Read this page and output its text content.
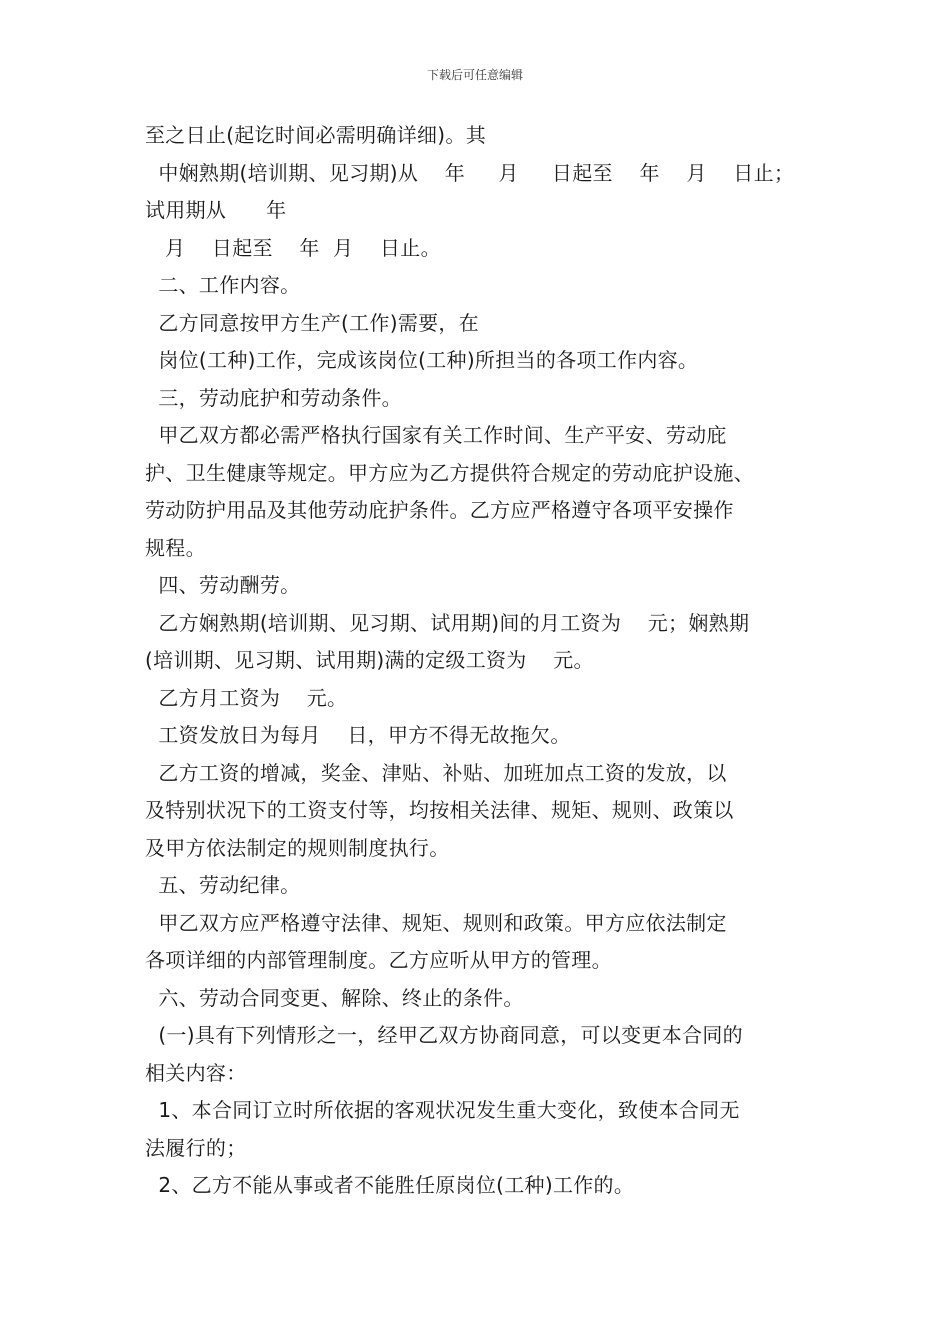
下载后可任意编辑
至之日止(起讫时间必需明确详细)。其
中娴熟期(培训期、见习期)从    年     月     日起至    年    月    日止；
试用期从      年
月    日起至    年  月    日止。
二、工作内容。
乙方同意按甲方生产(工作)需要，在
岗位(工种)工作，完成该岗位(工种)所担当的各项工作内容。
三，劳动庇护和劳动条件。
甲乙双方都必需严格执行国家有关工作时间、生产平安、劳动庇
护、卫生健康等规定。甲方应为乙方提供符合规定的劳动庇护设施、
劳动防护用品及其他劳动庇护条件。乙方应严格遵守各项平安操作
规程。
四、劳动酬劳。
乙方娴熟期(培训期、见习期、试用期)间的月工资为    元；娴熟期
(培训期、见习期、试用期)满的定级工资为    元。
乙方月工资为    元。
工资发放日为每月    日，甲方不得无故拖欠。
乙方工资的增减，奖金、津贴、补贴、加班加点工资的发放，以
及特别状况下的工资支付等，均按相关法律、规矩、规则、政策以
及甲方依法制定的规则制度执行。
五、劳动纪律。
甲乙双方应严格遵守法律、规矩、规则和政策。甲方应依法制定
各项详细的内部管理制度。乙方应听从甲方的管理。
六、劳动合同变更、解除、终止的条件。
(一)具有下列情形之一，经甲乙双方协商同意，可以变更本合同的
相关内容：
1、本合同订立时所依据的客观状况发生重大变化，致使本合同无
法履行的；
2、乙方不能从事或者不能胜任原岗位(工种)工作的。
